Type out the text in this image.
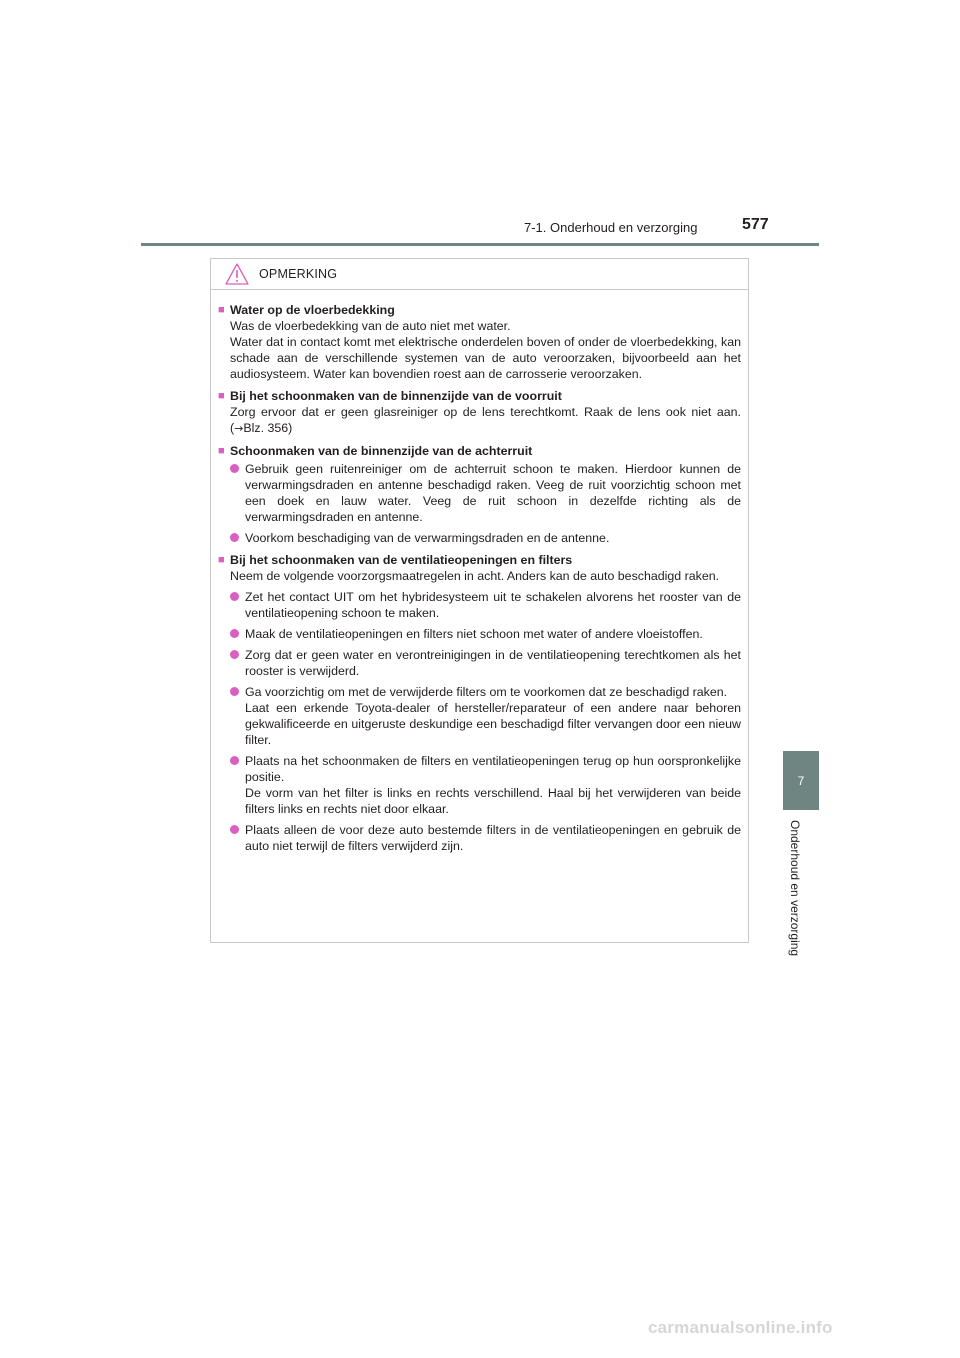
7-1. Onderhoud en verzorging	577
7
Onderhoud en verzorging
OPMERKING
■ Water op de vloerbedekking

Was de vloerbedekking van de auto niet met water.

Water dat in contact komt met elektrische onderdelen boven of onder de vloerbedekking, kan schade aan de verschillende systemen van de auto veroorzaken, bijvoorbeeld aan het audiosysteem. Water kan bovendien roest aan de carrosserie veroorzaken.

■ Bij het schoonmaken van de binnenzijde van de voorruit

Zorg ervoor dat er geen glasreiniger op de lens terechtkomt. Raak de lens ook niet aan. (→Blz. 356)

■ Schoonmaken van de binnenzijde van de achterruit

Gebruik geen ruitenreiniger om de achterruit schoon te maken. Hierdoor kunnen de verwarmingsdraden en antenne beschadigd raken. Veeg de ruit voorzichtig schoon met een doek en lauw water. Veeg de ruit schoon in dezelfde richting als de verwarmingsdraden en antenne.

Voorkom beschadiging van de verwarmingsdraden en de antenne.

■ Bij het schoonmaken van de ventilatieopeningen en filters

Neem de volgende voorzorgsmaatregelen in acht. Anders kan de auto beschadigd raken.

Zet het contact UIT om het hybridesysteem uit te schakelen alvorens het rooster van de ventilatieopening schoon te maken.

Maak de ventilatieopeningen en filters niet schoon met water of andere vloeistoffen.

Zorg dat er geen water en verontreinigingen in de ventilatieopening terechtkomen als het rooster is verwijderd.

Ga voorzichtig om met de verwijderde filters om te voorkomen dat ze beschadigd raken.

Laat een erkende Toyota-dealer of hersteller/reparateur of een andere naar behoren gekwalificeerde en uitgeruste deskundige een beschadigd filter vervangen door een nieuw filter.

Plaats na het schoonmaken de filters en ventilatieopeningen terug op hun oorspronkelijke positie.

De vorm van het filter is links en rechts verschillend. Haal bij het verwijderen van beide filters links en rechts niet door elkaar.

Plaats alleen de voor deze auto bestemde filters in de ventilatieopeningen en gebruik de auto niet terwijl de filters verwijderd zijn.

carmanualsonline.info
